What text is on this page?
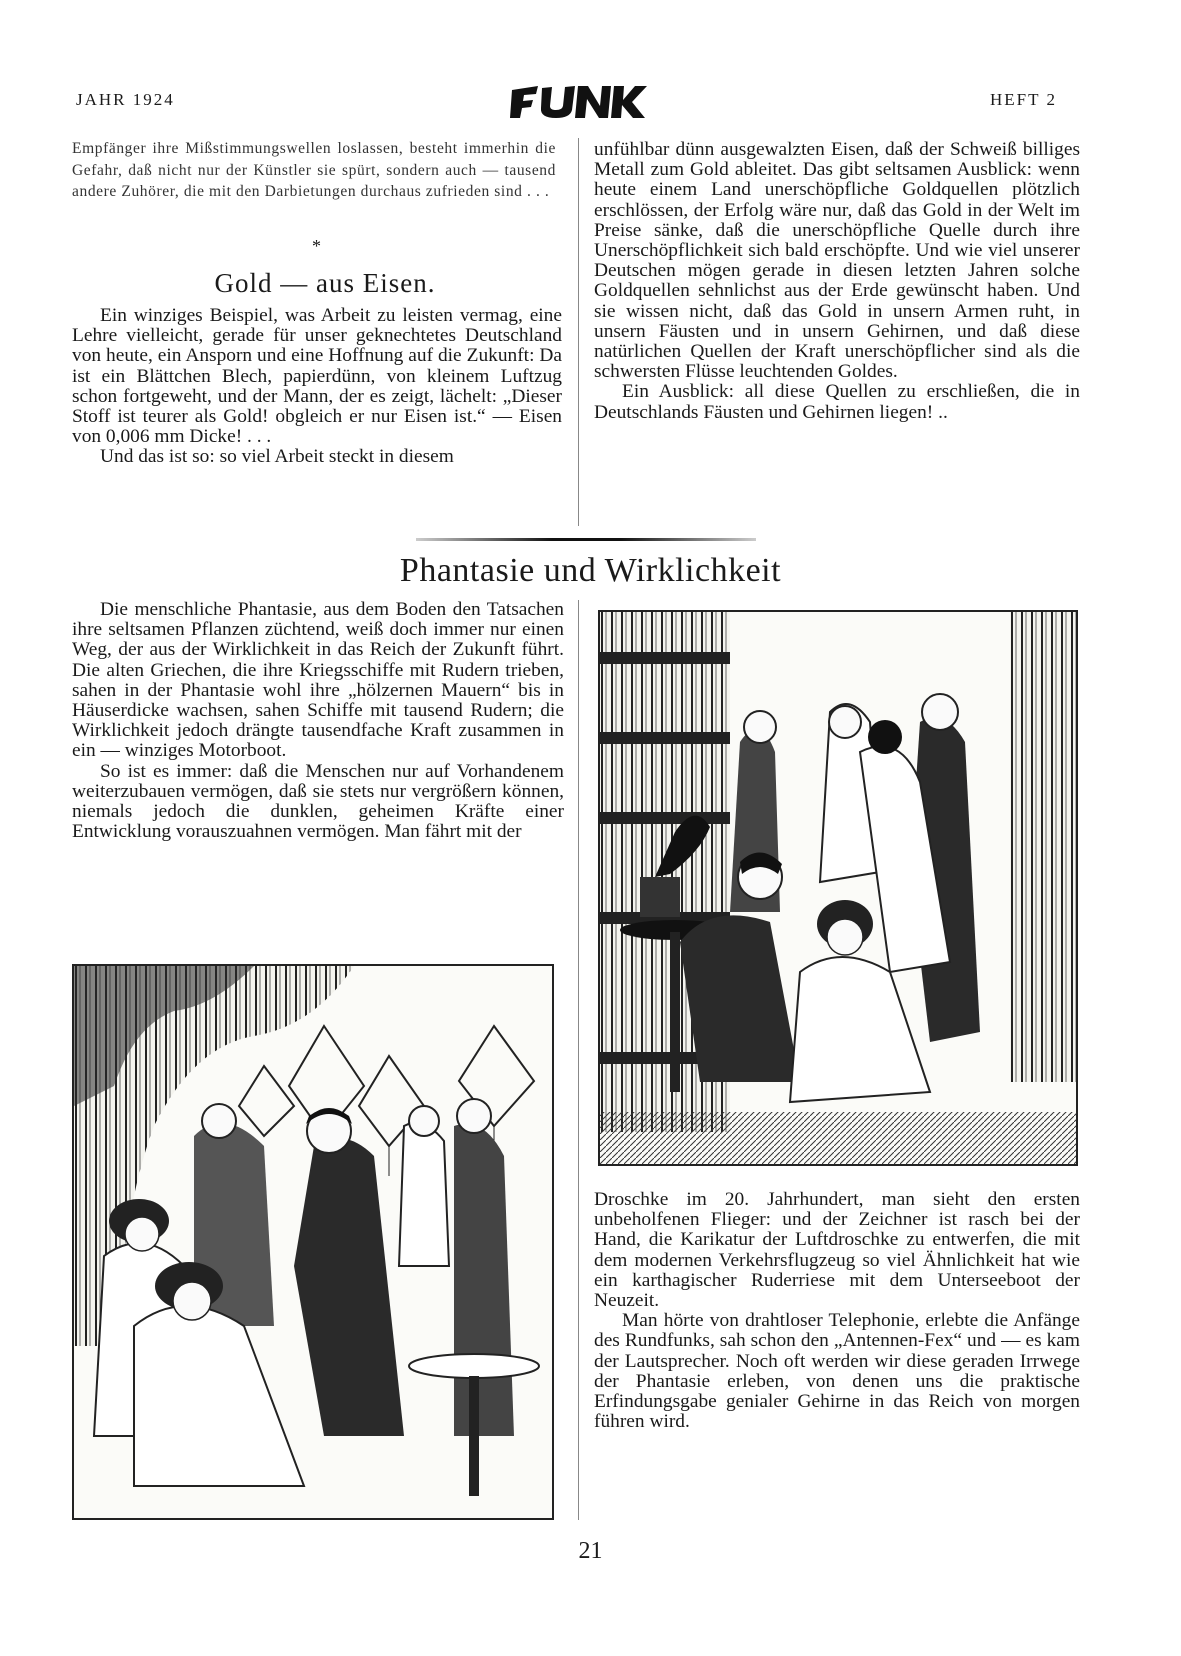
JAHR 1924	HEFT 2

Empfänger ihre Mißstimmungswellen loslassen, besteht immerhin die Gefahr, daß nicht nur der Künstler sie spürt, sondern auch — tausend andere Zuhörer, die mit den Darbietungen durchaus zufrieden sind . . .

*
Gold — aus Eisen.

Ein winziges Beispiel, was Arbeit zu leisten vermag, eine Lehre vielleicht, gerade für unser geknechtetes Deutschland von heute, ein Ansporn und eine Hoffnung auf die Zukunft: Da ist ein Blättchen Blech, papierdünn, von kleinem Luftzug schon fortgeweht, und der Mann, der es zeigt, lächelt: „Dieser Stoff ist teurer als Gold! obgleich er nur Eisen ist.“ — Eisen von 0,006 mm Dicke! . . .

Und das ist so: so viel Arbeit steckt in diesem

unfühlbar dünn ausgewalzten Eisen, daß der Schweiß billiges Metall zum Gold ableitet. Das gibt seltsamen Ausblick: wenn heute einem Land unerschöpfliche Goldquellen plötzlich erschlössen, der Erfolg wäre nur, daß das Gold in der Welt im Preise sänke, daß die unerschöpfliche Quelle durch ihre Unerschöpflichkeit sich bald erschöpfte. Und wie viel unserer Deutschen mögen gerade in diesen letzten Jahren solche Goldquellen sehnlichst aus der Erde gewünscht haben. Und sie wissen nicht, daß das Gold in unsern Armen ruht, in unsern Fäusten und in unsern Gehirnen, und daß diese natürlichen Quellen der Kraft unerschöpflicher sind als die schwersten Flüsse leuchtenden Goldes.

Ein Ausblick: all diese Quellen zu erschließen, die in Deutschlands Fäusten und Gehirnen liegen! ..

Phantasie und Wirklichkeit

Die menschliche Phantasie, aus dem Boden den Tatsachen ihre seltsamen Pflanzen züchtend, weiß doch immer nur einen Weg, der aus der Wirklichkeit in das Reich der Zukunft führt. Die alten Griechen, die ihre Kriegsschiffe mit Rudern trieben, sahen in der Phantasie wohl ihre „hölzernen Mauern“ bis in Häuserdicke wachsen, sahen Schiffe mit tausend Rudern; die Wirklichkeit jedoch drängte tausendfache Kraft zusammen in ein — winziges Motorboot.

So ist es immer: daß die Menschen nur auf Vorhandenem weiterzubauen vermögen, daß sie stets nur vergrößern können, niemals jedoch die dunklen, geheimen Kräfte einer Entwicklung vorauszuahnen vermögen. Man fährt mit der

Droschke im 20. Jahrhundert, man sieht den ersten unbeholfenen Flieger: und der Zeichner ist rasch bei der Hand, die Karikatur der Luftdroschke zu entwerfen, die mit dem modernen Verkehrsflugzeug so viel Ähnlichkeit hat wie ein karthagischer Ruderriese mit dem Unterseeboot der Neuzeit.

Man hörte von drahtloser Telephonie, erlebte die Anfänge des Rundfunks, sah schon den „Antennen-Fex“ und — es kam der Lautsprecher. Noch oft werden wir diese geraden Irrwege der Phantasie erleben, von denen uns die praktische Erfindungsgabe genialer Gehirne in das Reich von morgen führen wird.

21
